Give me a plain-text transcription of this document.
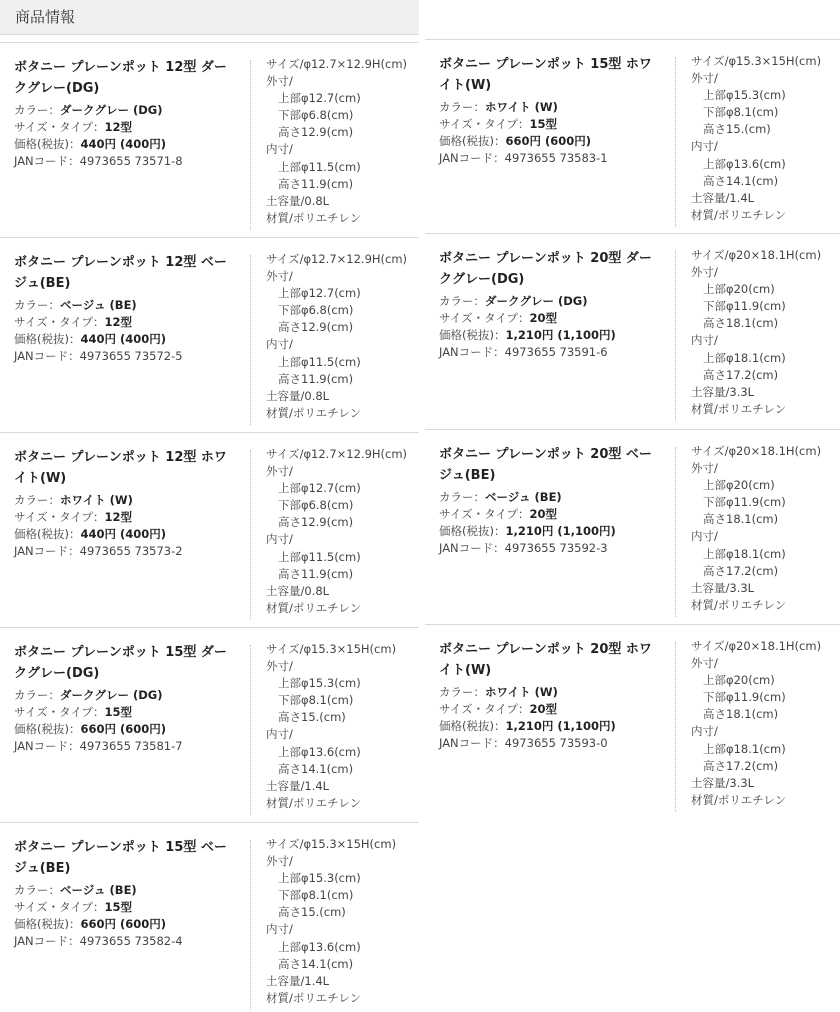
商品情報
ボタニー プレーンポット 12型 ダークグレー(DG)
カラー：ダークグレー (DG)
サイズ・タイプ：12型
価格(税抜)：440円 (400円)
JANコード：4973655 73571-8
サイズ/φ12.7×12.9H(cm)
外寸/
上部φ12.7(cm)
下部φ6.8(cm)
高さ12.9(cm)
内寸/
上部φ11.5(cm)
高さ11.9(cm)
土容量/0.8L
材質/ポリエチレン
ボタニー プレーンポット 15型 ホワイト(W)
カラー：ホワイト (W)
サイズ・タイプ：15型
価格(税抜)：660円 (600円)
JANコード：4973655 73583-1
サイズ/φ15.3×15H(cm)
外寸/
上部φ15.3(cm)
下部φ8.1(cm)
高さ15.(cm)
内寸/
上部φ13.6(cm)
高さ14.1(cm)
土容量/1.4L
材質/ポリエチレン
ボタニー プレーンポット 12型 ベージュ(BE)
カラー：ベージュ (BE)
サイズ・タイプ：12型
価格(税抜)：440円 (400円)
JANコード：4973655 73572-5
サイズ/φ12.7×12.9H(cm)
外寸/
上部φ12.7(cm)
下部φ6.8(cm)
高さ12.9(cm)
内寸/
上部φ11.5(cm)
高さ11.9(cm)
土容量/0.8L
材質/ポリエチレン
ボタニー プレーンポット 20型 ダークグレー(DG)
カラー：ダークグレー (DG)
サイズ・タイプ：20型
価格(税抜)：1,210円 (1,100円)
JANコード：4973655 73591-6
サイズ/φ20×18.1H(cm)
外寸/
上部φ20(cm)
下部φ11.9(cm)
高さ18.1(cm)
内寸/
上部φ18.1(cm)
高さ17.2(cm)
土容量/3.3L
材質/ポリエチレン
ボタニー プレーンポット 12型 ホワイト(W)
カラー：ホワイト (W)
サイズ・タイプ：12型
価格(税抜)：440円 (400円)
JANコード：4973655 73573-2
サイズ/φ12.7×12.9H(cm)
外寸/
上部φ12.7(cm)
下部φ6.8(cm)
高さ12.9(cm)
内寸/
上部φ11.5(cm)
高さ11.9(cm)
土容量/0.8L
材質/ポリエチレン
ボタニー プレーンポット 20型 ベージュ(BE)
カラー：ベージュ (BE)
サイズ・タイプ：20型
価格(税抜)：1,210円 (1,100円)
JANコード：4973655 73592-3
サイズ/φ20×18.1H(cm)
外寸/
上部φ20(cm)
下部φ11.9(cm)
高さ18.1(cm)
内寸/
上部φ18.1(cm)
高さ17.2(cm)
土容量/3.3L
材質/ポリエチレン
ボタニー プレーンポット 15型 ダークグレー(DG)
カラー：ダークグレー (DG)
サイズ・タイプ：15型
価格(税抜)：660円 (600円)
JANコード：4973655 73581-7
サイズ/φ15.3×15H(cm)
外寸/
上部φ15.3(cm)
下部φ8.1(cm)
高さ15.(cm)
内寸/
上部φ13.6(cm)
高さ14.1(cm)
土容量/1.4L
材質/ポリエチレン
ボタニー プレーンポット 20型 ホワイト(W)
カラー：ホワイト (W)
サイズ・タイプ：20型
価格(税抜)：1,210円 (1,100円)
JANコード：4973655 73593-0
サイズ/φ20×18.1H(cm)
外寸/
上部φ20(cm)
下部φ11.9(cm)
高さ18.1(cm)
内寸/
上部φ18.1(cm)
高さ17.2(cm)
土容量/3.3L
材質/ポリエチレン
ボタニー プレーンポット 15型 ベージュ(BE)
カラー：ベージュ (BE)
サイズ・タイプ：15型
価格(税抜)：660円 (600円)
JANコード：4973655 73582-4
サイズ/φ15.3×15H(cm)
外寸/
上部φ15.3(cm)
下部φ8.1(cm)
高さ15.(cm)
内寸/
上部φ13.6(cm)
高さ14.1(cm)
土容量/1.4L
材質/ポリエチレン
